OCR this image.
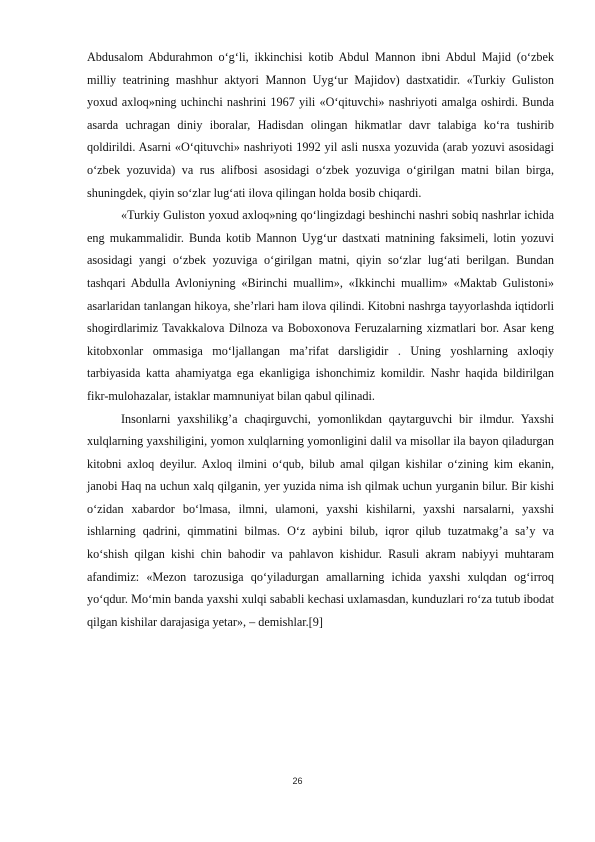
Abdusalom Abdurahmon o‘g‘li, ikkinchisi kotib Abdul Mannon ibni Abdul Majid (o‘zbek milliy teatrining mashhur aktyori Mannon Uyg‘ur Majidov) dastxatidir. «Turkiy Guliston yoxud axloq»ning uchinchi nashrini 1967 yili «O‘qituvchi» nashriyoti amalga oshirdi. Bunda asarda uchragan diniy iboralar, Hadisdan olingan hikmatlar davr talabiga ko‘ra tushirib qoldirildi. Asarni «O‘qituvchi» nashriyoti 1992 yil asli nusxa yozuvida (arab yozuvi asosidagi o‘zbek yozuvida) va rus alifbosi asosidagi o‘zbek yozuviga o‘girilgan matni bilan birga, shuningdek, qiyin so‘zlar lug‘ati ilova qilingan holda bosib chiqardi.

«Turkiy Guliston yoxud axloq»ning qo‘lingizdagi beshinchi nashri sobiq nashrlar ichida eng mukammalidir. Bunda kotib Mannon Uyg‘ur dastxati matnining faksimeli, lotin yozuvi asosidagi yangi o‘zbek yozuviga o‘girilgan matni, qiyin so‘zlar lug‘ati berilgan. Bundan tashqari Abdulla Avloniyning «Birinchi muallim», «Ikkinchi muallim» «Maktab Gulistoni» asarlaridan tanlangan hikoya, she’rlari ham ilova qilindi. Kitobni nashrga tayyorlashda iqtidorli shogirdlarimiz Tavakkalova Dilnoza va Boboxonova Feruzalarning xizmatlari bor. Asar keng kitobxonlar ommasiga mo‘ljallangan ma’rifat darsligidir . Uning yoshlarning axloqiy tarbiyasida katta ahamiyatga ega ekanligiga ishonchimiz komildir. Nashr haqida bildirilgan fikr-mulohazalar, istaklar mamnuniyat bilan qabul qilinadi.

Insonlarni yaxshilikg’a chaqirguvchi, yomonlikdan qaytarguvchi bir ilmdur. Yaxshi xulqlarning yaxshiligini, yomon xulqlarning yomonligini dalil va misollar ila bayon qiladurgan kitobni axloq deyilur. Axloq ilmini o‘qub, bilub amal qilgan kishilar o‘zining kim ekanin, janobi Haq na uchun xalq qilganin, yer yuzida nima ish qilmak uchun yurganin bilur. Bir kishi o‘zidan xabardor bo‘lmasa, ilmni, ulamoni, yaxshi kishilarni, yaxshi narsalarni, yaxshi ishlarning qadrini, qimmatini bilmas. O‘z aybini bilub, iqror qilub tuzatmakg’a sa’y va ko‘shish qilgan kishi chin bahodir va pahlavon kishidur. Rasuli akram nabiyyi muhtaram afandimiz: «Mezon tarozusiga qo‘yiladurgan amallarning ichida yaxshi xulqdan og‘irroq yo‘qdur. Mo‘min banda yaxshi xulqi sababli kechasi uxlamasdan, kunduzlari ro‘za tutub ibodat qilgan kishilar darajasiga yetar», – demishlar.[9]

26
